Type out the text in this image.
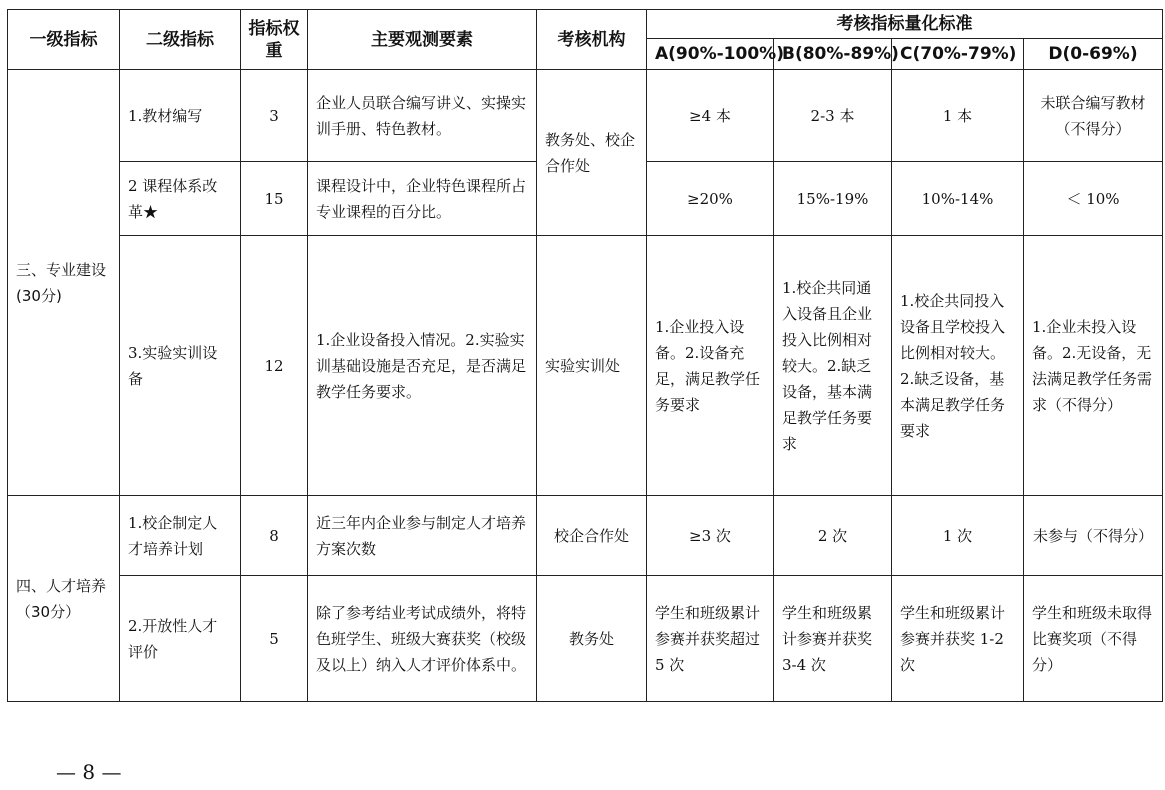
一级指标	二级指标	指标权重	主要观测要素	考核机构	考核指标量化标准			
					A(90%-100%)	B(80%-89%)	C(70%-79%)	D(0-69%)
三、专业建设(30分)	1.教材编写	3	企业人员联合编写讲义、实操实训手册、特色教材。	教务处、校企合作处	≥4 本	2-3 本	1 本	未联合编写教材（不得分）
	2 课程体系改革★	15	课程设计中，企业特色课程所占专业课程的百分比。		≥20%	15%-19%	10%-14%	＜ 10%
	3.实验实训设备	12	1.企业设备投入情况。2.实验实训基础设施是否充足，是否满足教学任务要求。	实验实训处	1.企业投入设备。2.设备充足，满足教学任务要求	1.校企共同通入设备且企业投入比例相对较大。2.缺乏设备，基本满足教学任务要求	1.校企共同投入设备且学校投入比例相对较大。2.缺乏设备，基本满足教学任务要求	1.企业未投入设备。2.无设备，无法满足教学任务需求（不得分）
四、人才培养（30分）	1.校企制定人才培养计划	8	近三年内企业参与制定人才培养方案次数	校企合作处	≥3 次	2 次	1 次	未参与（不得分）
	2.开放性人才评价	5	除了参考结业考试成绩外，将特色班学生、班级大赛获奖（校级及以上）纳入人才评价体系中。	教务处	学生和班级累计参赛并获奖超过 5 次	学生和班级累计参赛并获奖 3-4 次	学生和班级累计参赛并获奖 1-2 次	学生和班级未取得比赛奖项（不得分）
— 8 —
